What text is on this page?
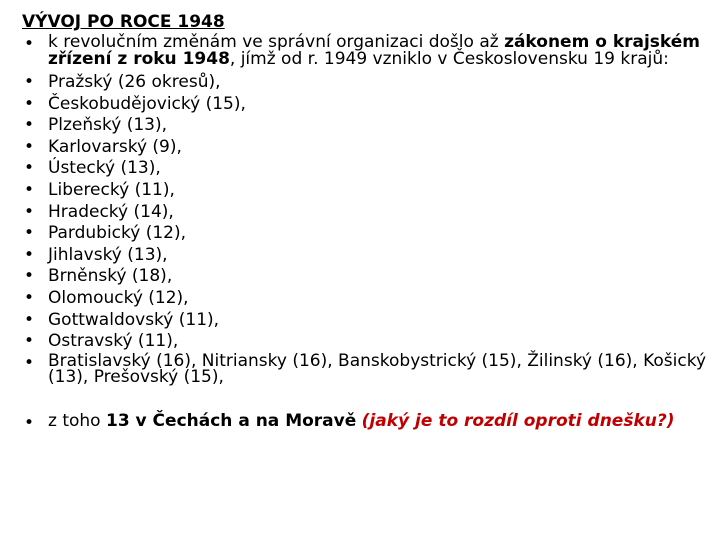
VÝVOJ PO ROCE 1948
• k revolučním změnám ve správní organizaci došlo až zákonem o krajském zřízení z roku 1948, jímž od r. 1949 vzniklo v Československu 19 krajů:
• Pražský (26 okresů),
• Českobudějovický (15),
• Plzeňský (13),
• Karlovarský (9),
• Ústecký (13),
• Liberecký (11),
• Hradecký (14),
• Pardubický (12),
• Jihlavský (13),
• Brněnský (18),
• Olomoucký (12),
• Gottwaldovský (11),
• Ostravský (11),
• Bratislavský (16), Nitriansky (16), Banskobystrický (15), Žilinský (16), Košický (13), Prešovský (15),
• z toho 13 v Čechách a na Moravě (jaký je to rozdíl oproti dnešku?)
